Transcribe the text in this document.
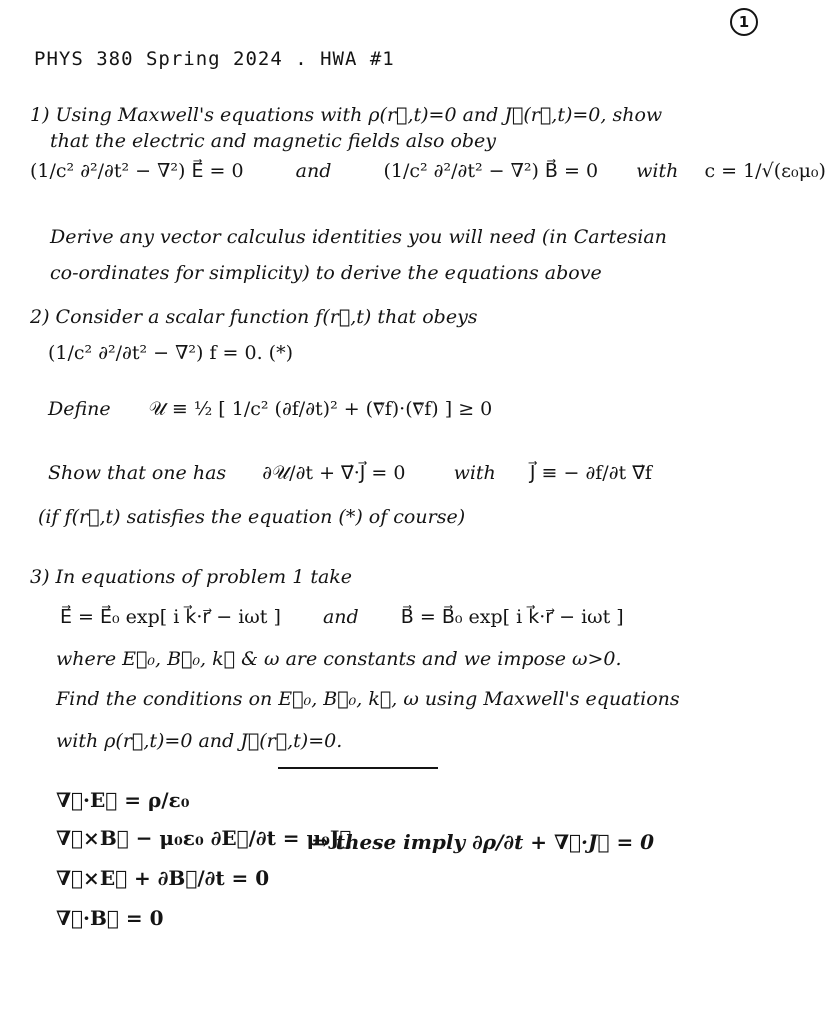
1
PHYS 380 Spring 2024 . HWA #1
1) Using Maxwell's equations with ρ(r⃗,t)=0 and J⃗(r⃗,t)=0, show
that the electric and magnetic fields also obey
(1/c² ∂²/∂t² − ∇²) E⃗ = 0	and	(1/c² ∂²/∂t² − ∇²) B⃗ = 0 with c = 1/√(ε₀μ₀)
Derive any vector calculus identities you will need (in Cartesian
co-ordinates for simplicity) to derive the equations above
2) Consider a scalar function f(r⃗,t) that obeys
(1/c² ∂²/∂t² − ∇²) f = 0. (*)
Define 𝒰 ≡ ½ [ 1/c² (∂f/∂t)² + (∇⃗f)·(∇⃗f) ] ≥ 0
Show that one has ∂𝒰/∂t + ∇⃗·J⃗ = 0	with J⃗ ≡ − ∂f/∂t ∇⃗f
(if f(r⃗,t) satisfies the equation (*) of course)
3) In equations of problem 1 take
E⃗ = E⃗₀ exp[ i k⃗·r⃗ − iωt ] and B⃗ = B⃗₀ exp[ i k⃗·r⃗ − iωt ]
where E⃗₀, B⃗₀, k⃗ & ω are constants and we impose ω>0.
Find the conditions on E⃗₀, B⃗₀, k⃗, ω using Maxwell's equations
with ρ(r⃗,t)=0 and J⃗(r⃗,t)=0.
∇⃗·E⃗ = ρ/ε₀
∇⃗×B⃗ − μ₀ε₀ ∂E⃗/∂t = μ₀J⃗
∇⃗×E⃗ + ∂B⃗/∂t = 0
∇⃗·B⃗ = 0
⇒ these imply ∂ρ/∂t + ∇⃗·J⃗ = 0
